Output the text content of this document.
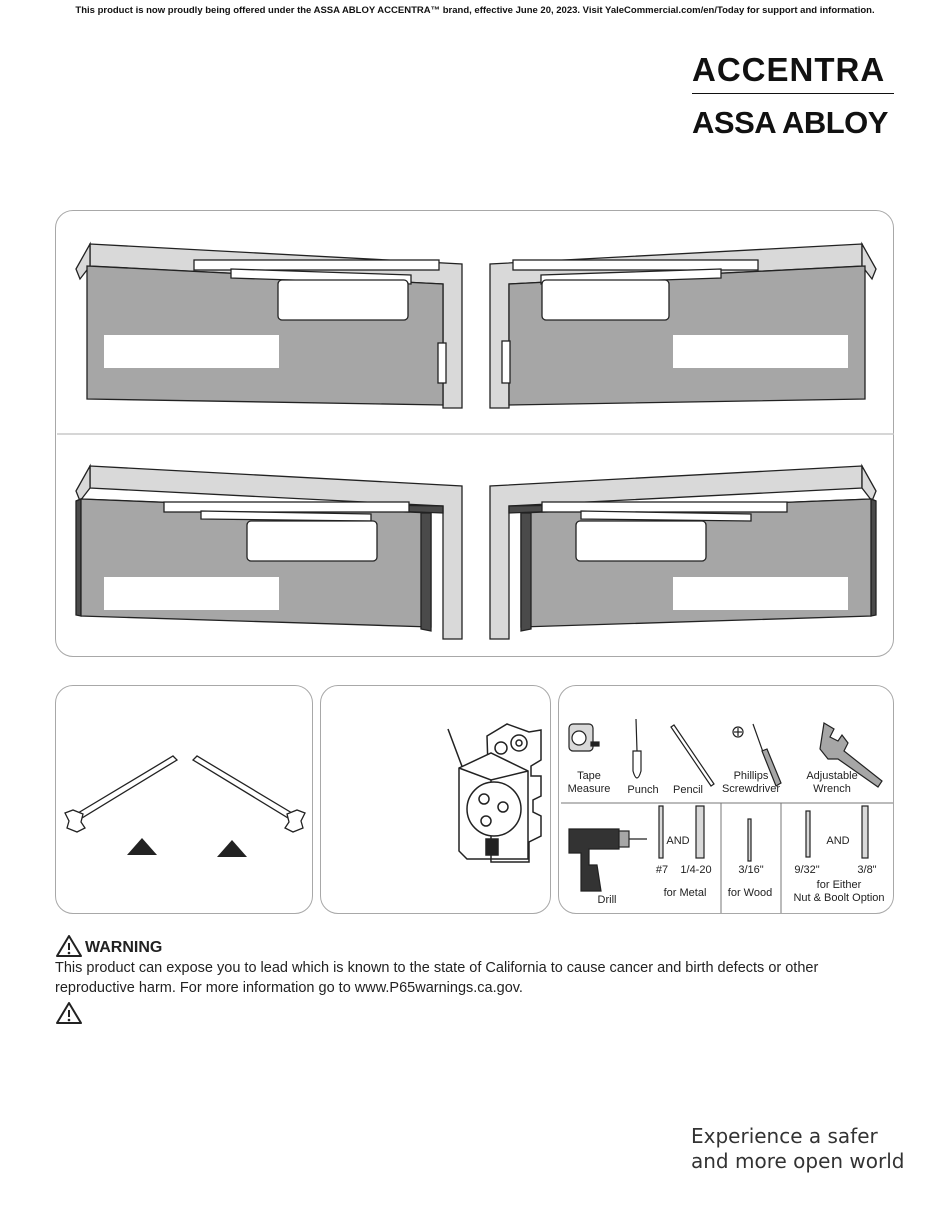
This product is now proudly being offered under the ASSA ABLOY ACCENTRA™ brand, effective June 20, 2023. Visit YaleCommercial.com/en/Today for support and information.
ACCENTRA
ASSA ABLOY
Tape
Measure	Punch	Pencil
Phillips
Screwdriver
Adjustable
Wrench
Drill
AND
#7	1/4-20
for Metal
3/16"
for Wood
AND
9/32"	3/8"
for Either
Nut & Boolt Option
WARNING
This product can expose you to lead which is known to the state of California to cause cancer and birth defects or other reproductive harm. For more information go to www.P65warnings.ca.gov.
Experience a safer
and more open world
